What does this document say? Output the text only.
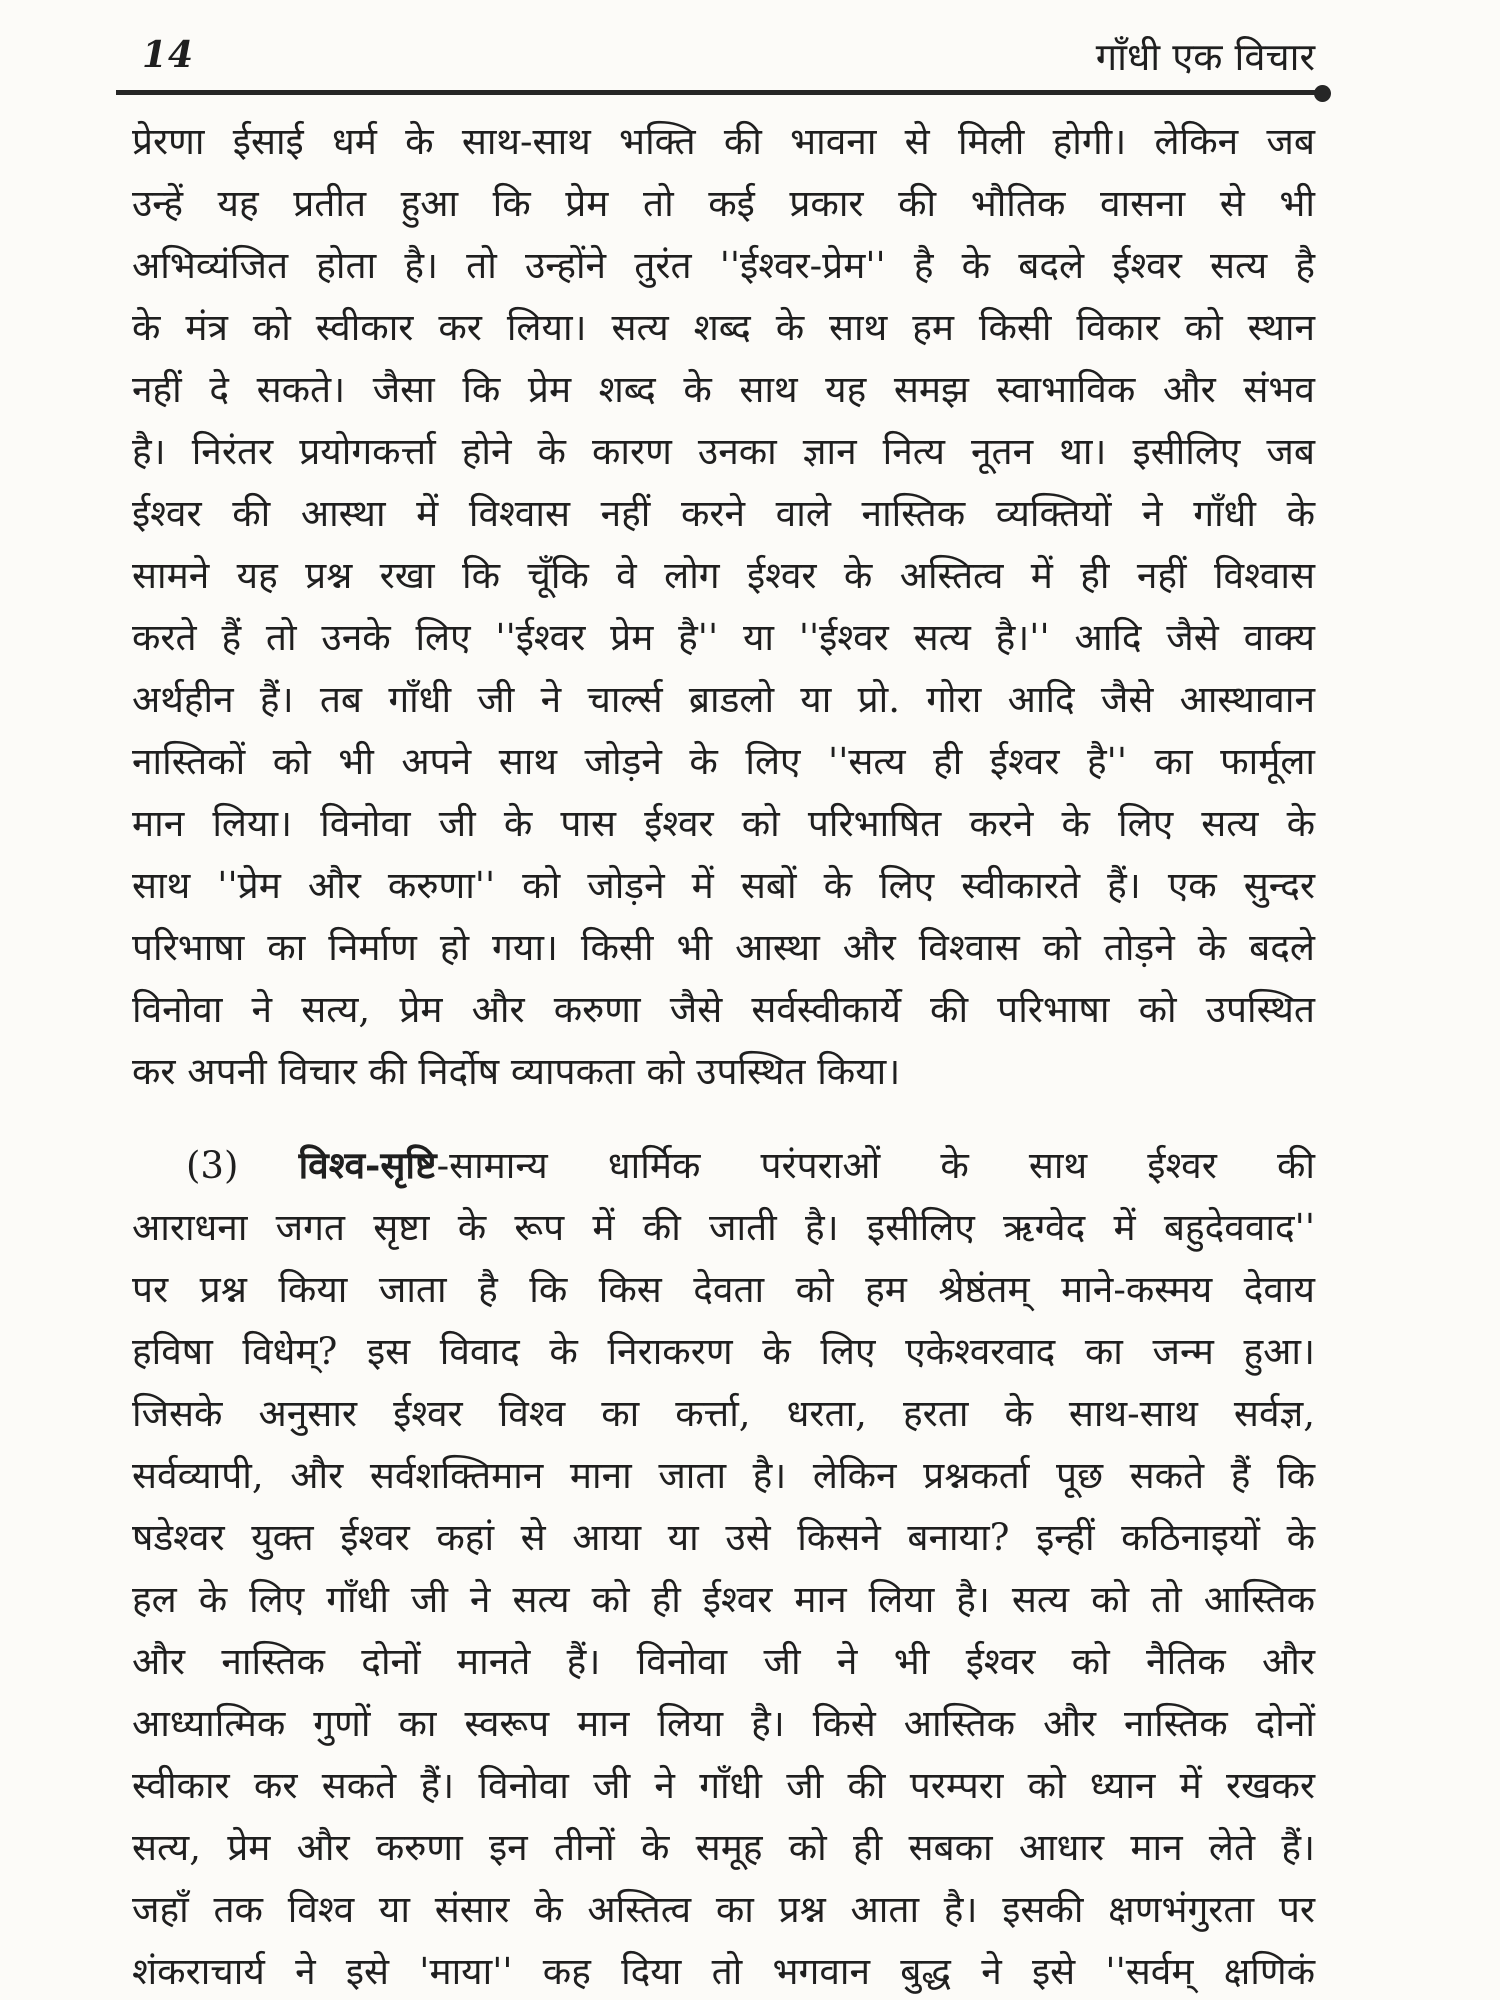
14	गाँधी एक विचार

प्रेरणा ईसाई धर्म के साथ-साथ भक्ति की भावना से मिली होगी। लेकिन जब
उन्हें यह प्रतीत हुआ कि प्रेम तो कई प्रकार की भौतिक वासना से भी
अभिव्यंजित होता है। तो उन्होंने तुरंत ''ईश्वर-प्रेम'' है के बदले ईश्वर सत्य है
के मंत्र को स्वीकार कर लिया। सत्य शब्द के साथ हम किसी विकार को स्थान
नहीं दे सकते। जैसा कि प्रेम शब्द के साथ यह समझ स्वाभाविक और संभव
है। निरंतर प्रयोगकर्त्ता होने के कारण उनका ज्ञान नित्य नूतन था। इसीलिए जब
ईश्वर की आस्था में विश्वास नहीं करने वाले नास्तिक व्यक्तियों ने गाँधी के
सामने यह प्रश्न रखा कि चूँकि वे लोग ईश्वर के अस्तित्व में ही नहीं विश्वास
करते हैं तो उनके लिए ''ईश्वर प्रेम है'' या ''ईश्वर सत्य है।'' आदि जैसे वाक्य
अर्थहीन हैं। तब गाँधी जी ने चार्ल्स ब्राडलो या प्रो. गोरा आदि जैसे आस्थावान
नास्तिकों को भी अपने साथ जोड़ने के लिए ''सत्य ही ईश्वर है'' का फार्मूला
मान लिया। विनोवा जी के पास ईश्वर को परिभाषित करने के लिए सत्य के
साथ ''प्रेम और करुणा'' को जोड़ने में सबों के लिए स्वीकारते हैं। एक सुन्दर
परिभाषा का निर्माण हो गया। किसी भी आस्था और विश्वास को तोड़ने के बदले
विनोवा ने सत्य, प्रेम और करुणा जैसे सर्वस्वीकार्ये की परिभाषा को उपस्थित
कर अपनी विचार की निर्दोष व्यापकता को उपस्थित किया।

(3) विश्व-सृष्टि-सामान्य धार्मिक परंपराओं के साथ ईश्वर की
आराधना जगत सृष्टा के रूप में की जाती है। इसीलिए ऋग्वेद में बहुदेववाद''
पर प्रश्न किया जाता है कि किस देवता को हम श्रेष्ठंतम् माने-कस्मय देवाय
हविषा विधेम्? इस विवाद के निराकरण के लिए एकेश्वरवाद का जन्म हुआ।
जिसके अनुसार ईश्वर विश्व का कर्त्ता, धरता, हरता के साथ-साथ सर्वज्ञ,
सर्वव्यापी, और सर्वशक्तिमान माना जाता है। लेकिन प्रश्नकर्ता पूछ सकते हैं कि
षडेश्वर युक्त ईश्वर कहां से आया या उसे किसने बनाया? इन्हीं कठिनाइयों के
हल के लिए गाँधी जी ने सत्य को ही ईश्वर मान लिया है। सत्य को तो आस्तिक
और नास्तिक दोनों मानते हैं। विनोवा जी ने भी ईश्वर को नैतिक और
आध्यात्मिक गुणों का स्वरूप मान लिया है। किसे आस्तिक और नास्तिक दोनों
स्वीकार कर सकते हैं। विनोवा जी ने गाँधी जी की परम्परा को ध्यान में रखकर
सत्य, प्रेम और करुणा इन तीनों के समूह को ही सबका आधार मान लेते हैं।
जहाँ तक विश्व या संसार के अस्तित्व का प्रश्न आता है। इसकी क्षणभंगुरता पर
शंकराचार्य ने इसे 'माया'' कह दिया तो भगवान बुद्ध ने इसे ''सर्वम् क्षणिकं
